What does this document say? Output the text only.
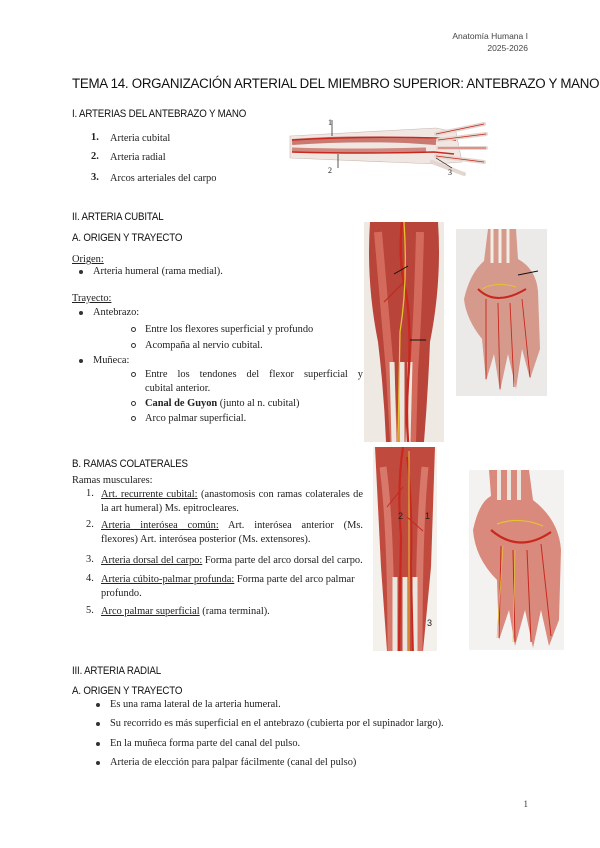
Anatomía Humana I
2025-2026
TEMA 14. ORGANIZACIÓN ARTERIAL DEL MIEMBRO SUPERIOR: ANTEBRAZO Y MANO
I. ARTERIAS DEL ANTEBRAZO Y MANO
1. Arteria cubital
2. Arteria radial
3. Arcos arteriales del carpo
1
2	3
II. ARTERIA CUBITAL
A. ORIGEN Y TRAYECTO
Origen:
Arteria humeral (rama medial).
Trayecto:
Antebrazo:
Entre los flexores superficial y profundo
Acompaña al nervio cubital.
Muñeca:
Entre los tendones del flexor superficial y
cubital anterior.
Canal de Guyon (junto al n. cubital)
Arco palmar superficial.
B. RAMAS COLATERALES
Ramas musculares:
1. Art. recurrente cubital: (anastomosis con ramas colaterales de
la art humeral) Ms. epitrocleares.
2. Arteria interósea común: Art. interósea anterior (Ms.
flexores) Art. interósea posterior (Ms. extensores).
3. Arteria dorsal del carpo: Forma parte del arco dorsal del carpo.
4. Arteria cúbito-palmar profunda: Forma parte del arco palmar
profundo.
5. Arco palmar superficial (rama terminal).
2 1
3
III. ARTERIA RADIAL
A. ORIGEN Y TRAYECTO
Es una rama lateral de la arteria humeral.
Su recorrido es más superficial en el antebrazo (cubierta por el supinador largo).
En la muñeca forma parte del canal del pulso.
Arteria de elección para palpar fácilmente (canal del pulso)
1
